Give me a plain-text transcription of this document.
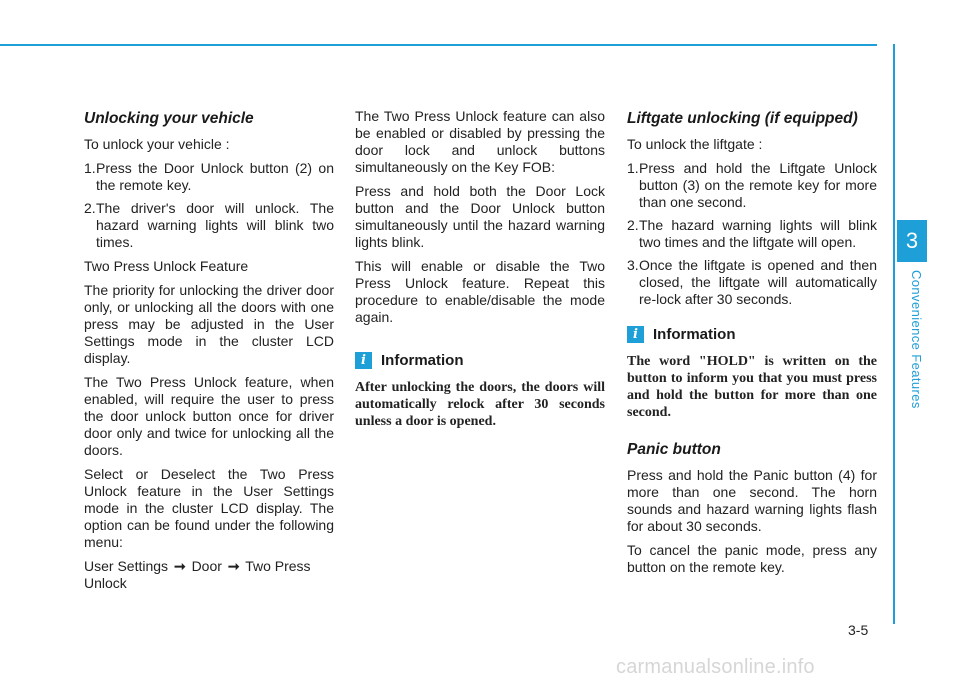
3
Convenience Features
Unlocking your vehicle

To unlock your vehicle :

1. Press the Door Unlock button (2) on the remote key.
2. The driver's door will unlock. The hazard warning lights will blink two times.

Two Press Unlock Feature

The priority for unlocking the driver door only, or unlocking all the doors with one press may be adjusted in the User Settings mode in the cluster LCD display.

The Two Press Unlock feature, when enabled, will require the user to press the door unlock button once for driver door only and twice for unlocking all the doors.

Select or Deselect the Two Press Unlock feature in the User Settings mode in the cluster LCD display. The option can be found under the following menu:

User Settings ➞ Door ➞ Two Press Unlock

The Two Press Unlock feature can also be enabled or disabled by pressing the door lock and unlock buttons simultaneously on the Key FOB:

Press and hold both the Door Lock button and the Door Unlock button simultaneously until the hazard warning lights blink.

This will enable or disable the Two Press Unlock feature. Repeat this procedure to enable/disable the mode again.

i	Information

After unlocking the doors, the doors will automatically relock after 30 seconds unless a door is opened.

Liftgate unlocking (if equipped)

To unlock the liftgate :

1. Press and hold the Liftgate Unlock button (3) on the remote key for more than one second.
2. The hazard warning lights will blink two times and the liftgate will open.
3. Once the liftgate is opened and then closed, the liftgate will automatically re-lock after 30 seconds.
i	Information

The word "HOLD" is written on the button to inform you that you must press and hold the button for more than one second.

Panic button

Press and hold the Panic button (4) for more than one second. The horn sounds and hazard warning lights flash for about 30 seconds.

To cancel the panic mode, press any button on the remote key.

3-5
carmanualsonline.info
